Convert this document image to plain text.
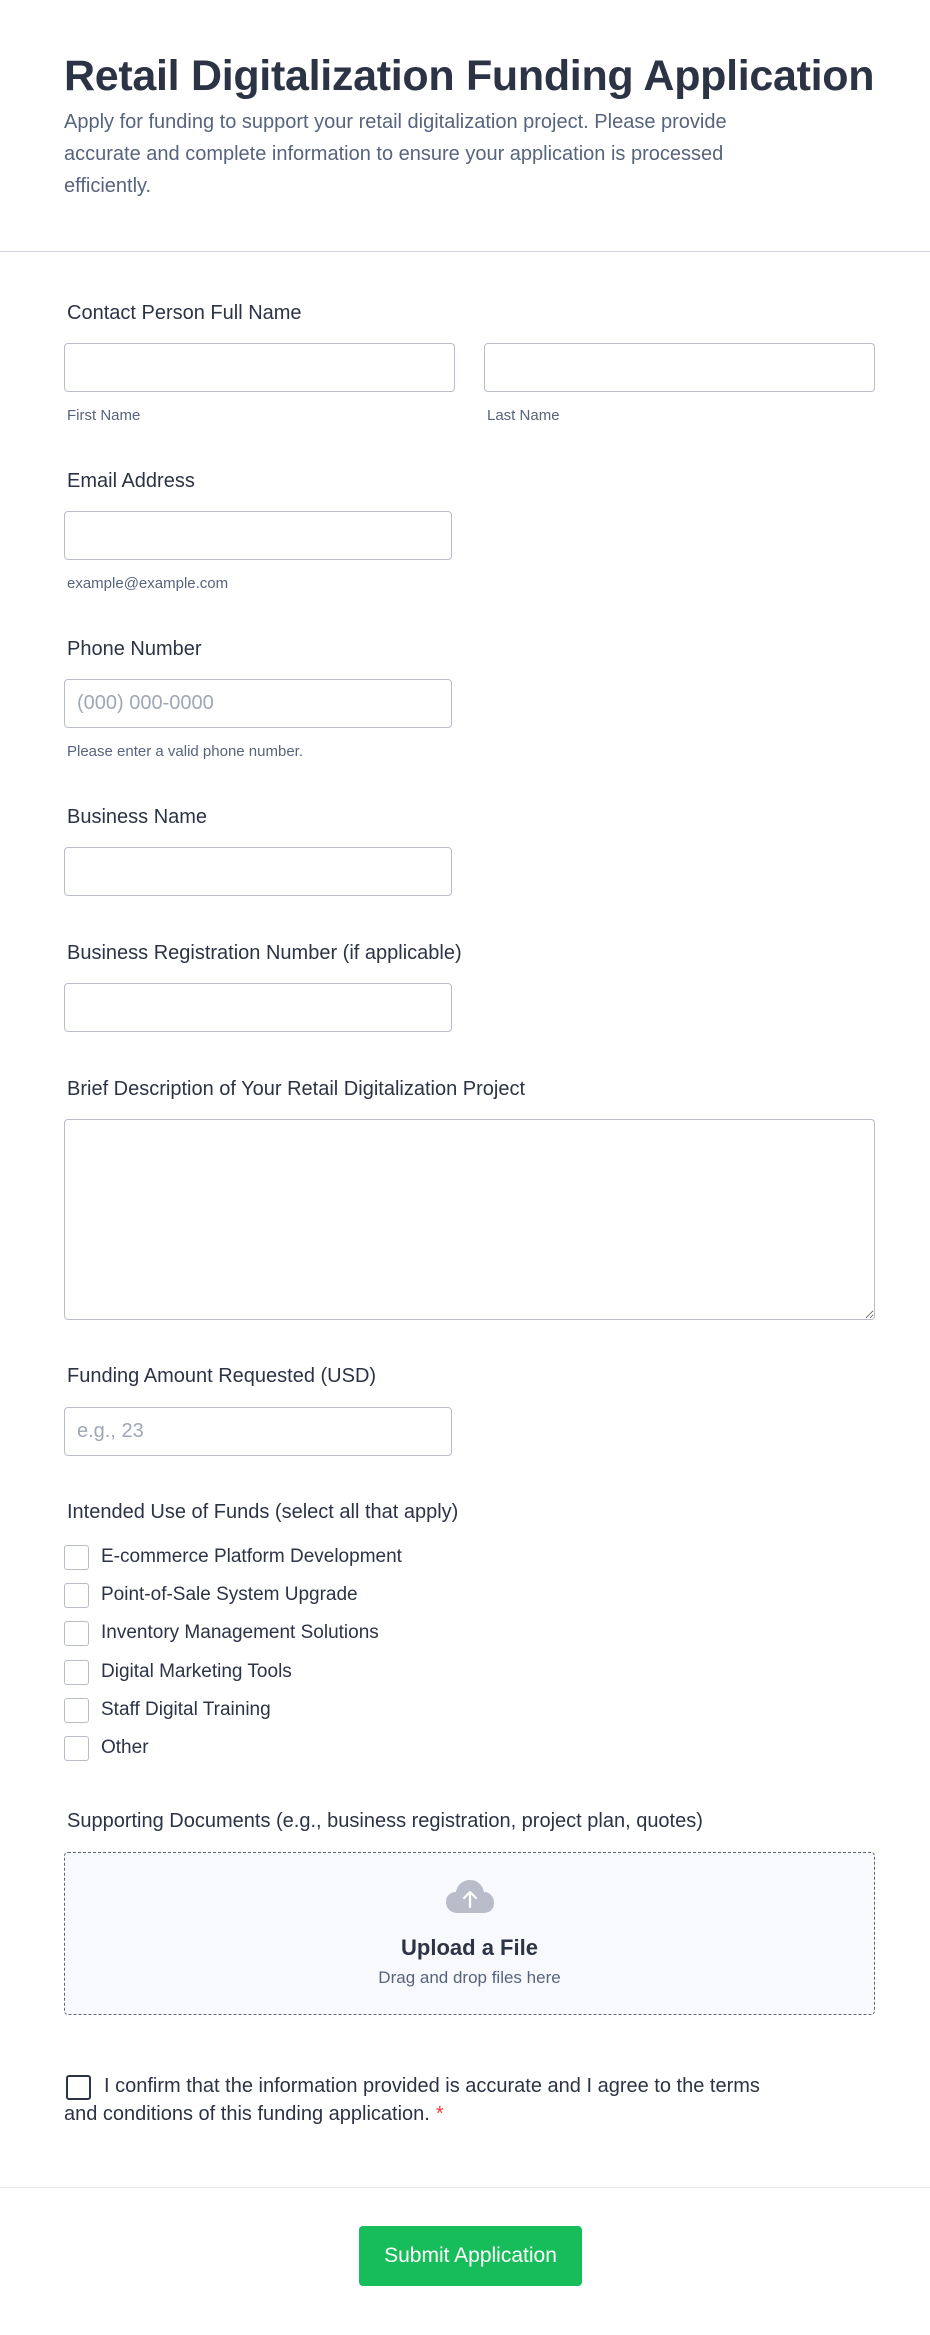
Retail Digitalization Funding Application

Apply for funding to support your retail digitalization project. Please provide accurate and complete information to ensure your application is processed efficiently.

Contact Person Full Name
First Name	Last Name
Email Address
example@example.com
Phone Number
(000) 000-0000
Please enter a valid phone number.
Business Name
Business Registration Number (if applicable)
Brief Description of Your Retail Digitalization Project
Funding Amount Requested (USD)
e.g., 23
Intended Use of Funds (select all that apply)
E-commerce Platform Development
Point-of-Sale System Upgrade
Inventory Management Solutions
Digital Marketing Tools
Staff Digital Training
Other
Supporting Documents (e.g., business registration, project plan, quotes)
Upload a File
Drag and drop files here

I confirm that the information provided is accurate and I agree to the terms and conditions of this funding application. *

Submit Application
